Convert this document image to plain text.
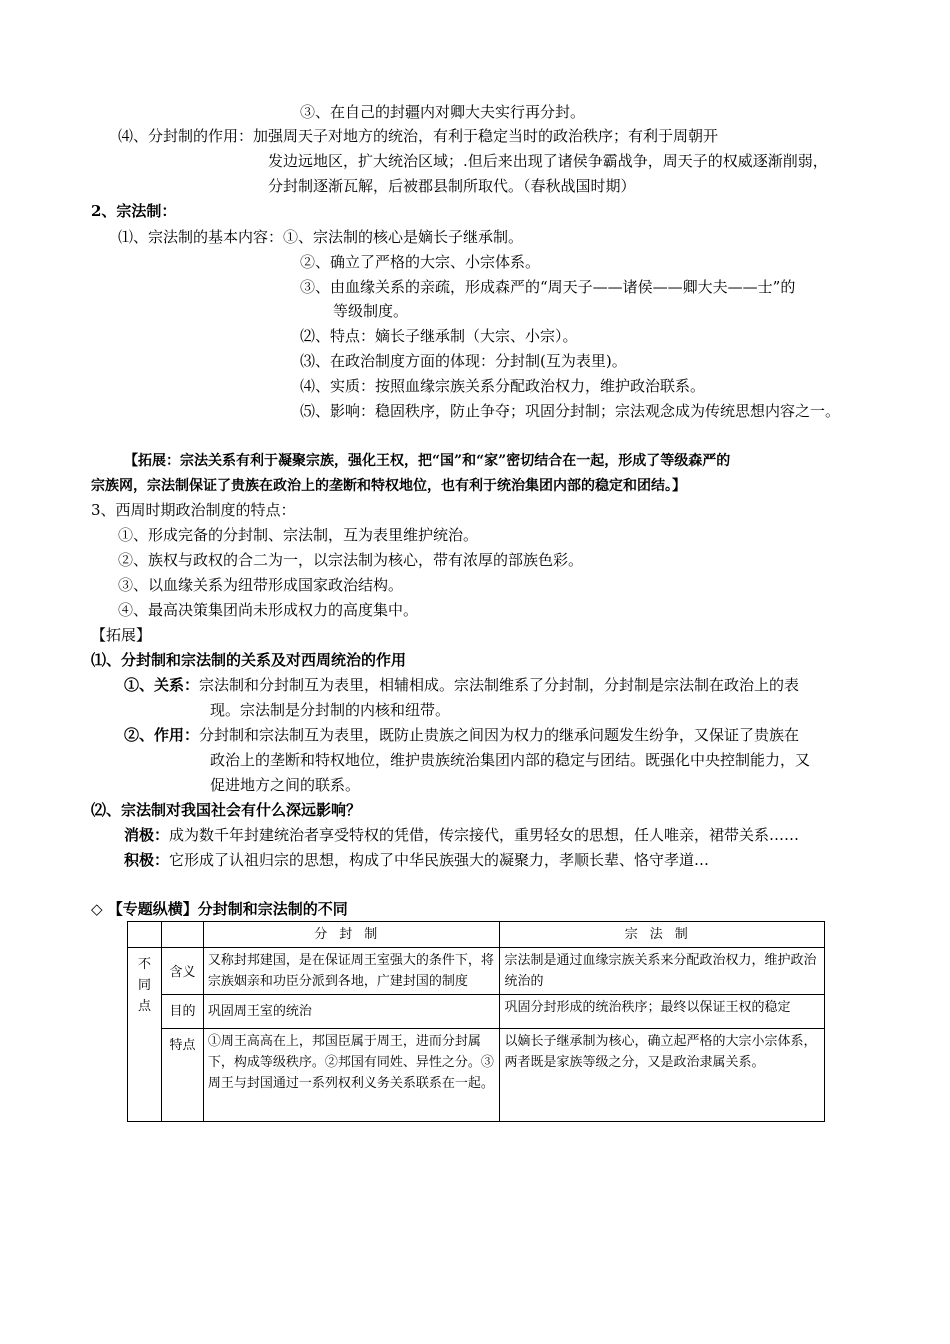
③、在自己的封疆内对卿大夫实行再分封。
⑷、分封制的作用：加强周天子对地方的统治，有利于稳定当时的政治秩序；有利于周朝开
发边远地区，扩大统治区域；.但后来出现了诸侯争霸战争，周天子的权威逐渐削弱，
分封制逐渐瓦解，后被郡县制所取代。（春秋战国时期）
2、宗法制：
⑴、宗法制的基本内容：①、宗法制的核心是嫡长子继承制。
②、确立了严格的大宗、小宗体系。
③、由血缘关系的亲疏，形成森严的“周天子——诸侯——卿大夫——士”的
等级制度。
⑵、特点：嫡长子继承制（大宗、小宗）。
⑶、在政治制度方面的体现：分封制(互为表里)。
⑷、实质：按照血缘宗族关系分配政治权力，维护政治联系。
⑸、影响：稳固秩序，防止争夺；巩固分封制；宗法观念成为传统思想内容之一。
【拓展：宗法关系有利于凝聚宗族，强化王权，把“国”和“家”密切结合在一起，形成了等级森严的
宗族网，宗法制保证了贵族在政治上的垄断和特权地位，也有利于统治集团内部的稳定和团结。】
3、西周时期政治制度的特点：
①、形成完备的分封制、宗法制，互为表里维护统治。
②、族权与政权的合二为一，以宗法制为核心，带有浓厚的部族色彩。
③、以血缘关系为纽带形成国家政治结构。
④、最高决策集团尚未形成权力的高度集中。
【拓展】
⑴、分封制和宗法制的关系及对西周统治的作用
①、关系：宗法制和分封制互为表里，相辅相成。宗法制维系了分封制，分封制是宗法制在政治上的表
现。宗法制是分封制的内核和纽带。
②、作用：分封制和宗法制互为表里，既防止贵族之间因为权力的继承问题发生纷争，又保证了贵族在
政治上的垄断和特权地位，维护贵族统治集团内部的稳定与团结。既强化中央控制能力，又
促进地方之间的联系。
⑵、宗法制对我国社会有什么深远影响？
消极：成为数千年封建统治者享受特权的凭借，传宗接代，重男轻女的思想，任人唯亲，裙带关系……
积极：它形成了认祖归宗的思想，构成了中华民族强大的凝聚力，孝顺长辈、恪守孝道…
◇ 【专题纵横】分封制和宗法制的不同
		分封制	宗法制
不同点	含义	又称封邦建国，是在保证周王室强大的条件下，将宗族姻亲和功臣分派到各地，广建封国的制度	宗法制是通过血缘宗族关系来分配政治权力，维护政治统治的
	目的	巩固周王室的统治	巩固分封形成的统治秩序；最终以保证王权的稳定
	特点	①周王高高在上，邦国臣属于周王，进而分封属下，构成等级秩序。②邦国有同姓、异性之分。③周王与封国通过一系列权利义务关系联系在一起。	以嫡长子继承制为核心，确立起严格的大宗小宗体系，两者既是家族等级之分，又是政治隶属关系。
